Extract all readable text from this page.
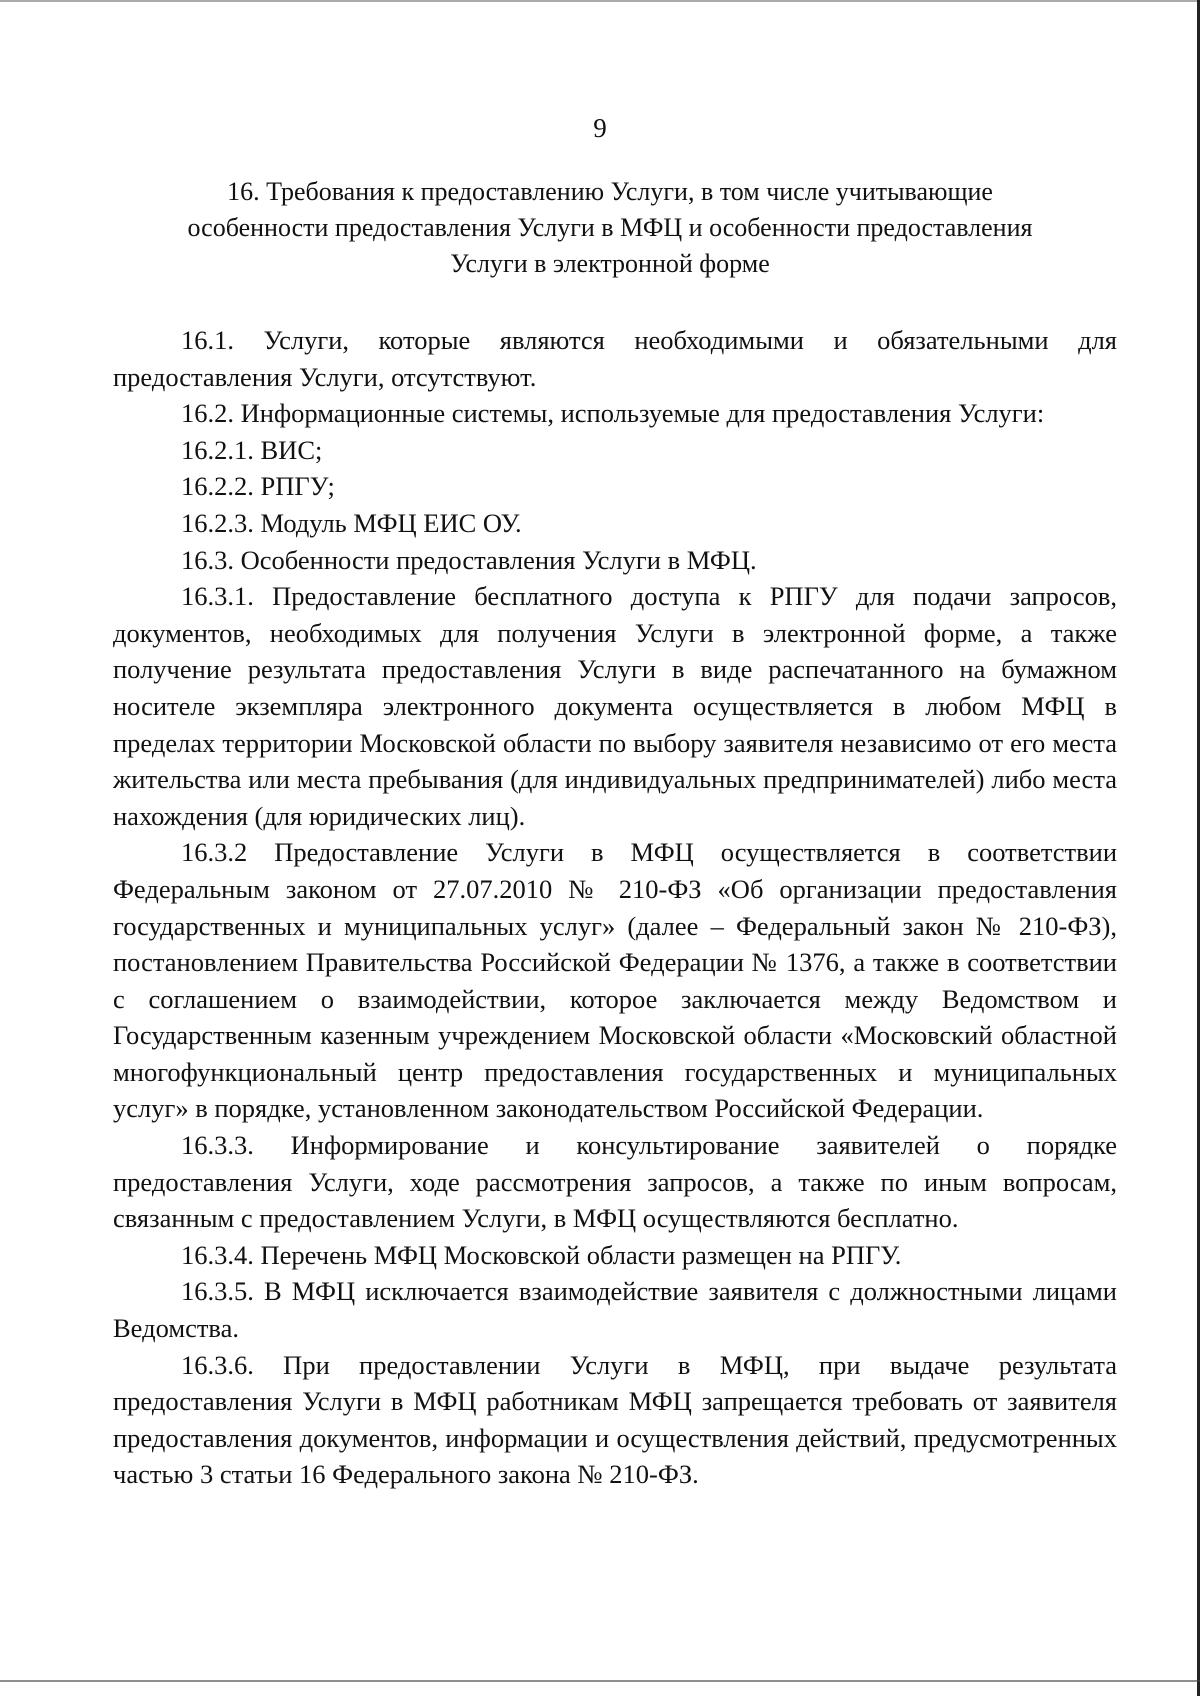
9
16. Требования к предоставлению Услуги, в том числе учитывающие
особенности предоставления Услуги в МФЦ и особенности предоставления
Услуги в электронной форме

16.1. Услуги, которые являются необходимыми и обязательными для предоставления Услуги, отсутствуют.

16.2. Информационные системы, используемые для предоставления Услуги:

16.2.1. ВИС;

16.2.2. РПГУ;

16.2.3. Модуль МФЦ ЕИС ОУ.

16.3. Особенности предоставления Услуги в МФЦ.

16.3.1. Предоставление бесплатного доступа к РПГУ для подачи запросов, документов, необходимых для получения Услуги в электронной форме, а также получение результата предоставления Услуги в виде распечатанного на бумажном носителе экземпляра электронного документа осуществляется в любом МФЦ в пределах территории Московской области по выбору заявителя независимо от его места жительства или места пребывания (для индивидуальных предпринимателей) либо места нахождения (для юридических лиц).

16.3.2 Предоставление Услуги в МФЦ осуществляется в соответствии Федеральным законом от 27.07.2010 № 210-ФЗ «Об организации предоставления государственных и муниципальных услуг» (далее – Федеральный закон № 210-ФЗ), постановлением Правительства Российской Федерации № 1376, а также в соответствии с соглашением о взаимодействии, которое заключается между Ведомством и Государственным казенным учреждением Московской области «Московский областной многофункциональный центр предоставления государственных и муниципальных услуг» в порядке, установленном законодательством Российской Федерации.

16.3.3. Информирование и консультирование заявителей о порядке предоставления Услуги, ходе рассмотрения запросов, а также по иным вопросам, связанным с предоставлением Услуги, в МФЦ осуществляются бесплатно.

16.3.4. Перечень МФЦ Московской области размещен на РПГУ.

16.3.5. В МФЦ исключается взаимодействие заявителя с должностными лицами Ведомства.

16.3.6. При предоставлении Услуги в МФЦ, при выдаче результата предоставления Услуги в МФЦ работникам МФЦ запрещается требовать от заявителя предоставления документов, информации и осуществления действий, предусмотренных частью 3 статьи 16 Федерального закона № 210-ФЗ.
